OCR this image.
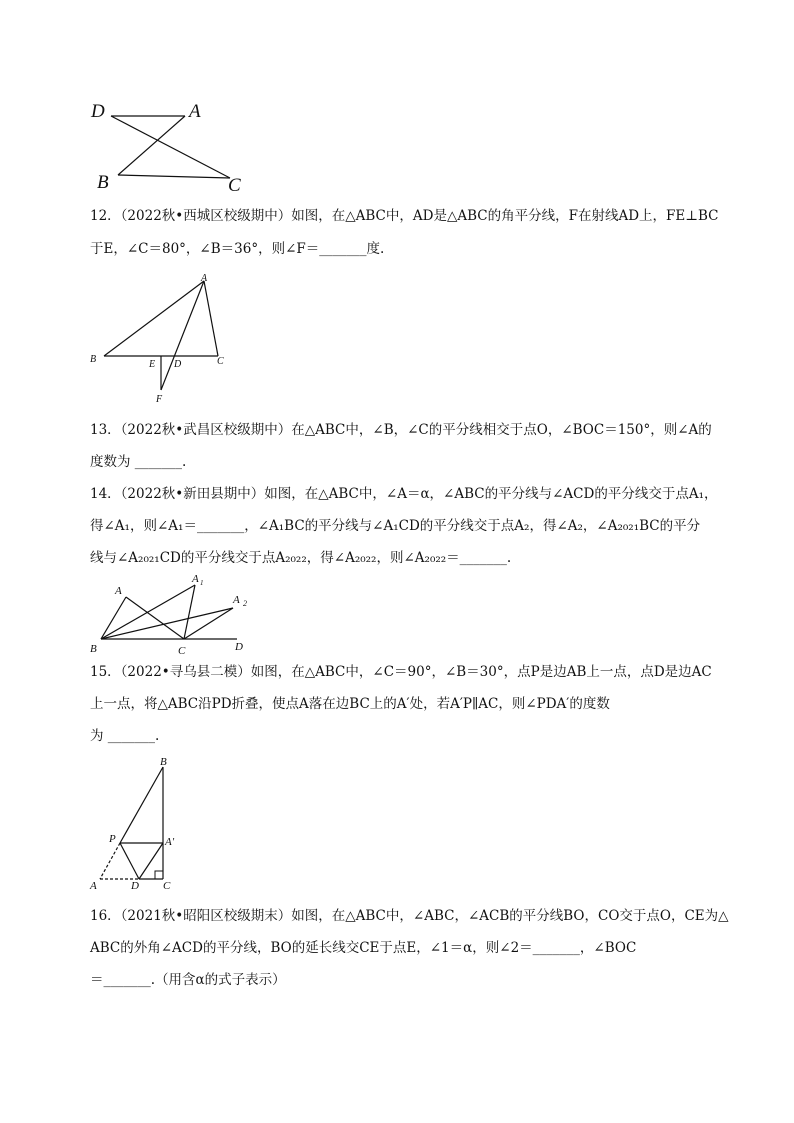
D	A
B	C
12．（2022秋•西城区校级期中）如图，在△ABC中，AD是△ABC的角平分线，F在射线AD上，FE⊥BC
于E，∠C＝80°，∠B＝36°，则∠F＝_______度.
A
B	C
E D
F
13．（2022秋•武昌区校级期中）在△ABC中，∠B，∠C的平分线相交于点O，∠BOC＝150°，则∠A的
度数为 _______.
14．（2022秋•新田县期中）如图，在△ABC中，∠A＝α，∠ABC的平分线与∠ACD的平分线交于点A₁，
得∠A₁，则∠A₁＝_______，∠A₁BC的平分线与∠A₁CD的平分线交于点A₂，得∠A₂，∠A₂₀₂₁BC的平分
线与∠A₂₀₂₁CD的平分线交于点A₂₀₂₂，得∠A₂₀₂₂，则∠A₂₀₂₂＝_______.
A
A 1
A 2
B	C	D
15．（2022•寻乌县二模）如图，在△ABC中，∠C＝90°，∠B＝30°，点P是边AB上一点，点D是边AC
上一点，将△ABC沿PD折叠，使点A落在边BC上的A′处，若A′P∥AC，则∠PDA′的度数
为 _______.
B
P	A′
A	D C
16．（2021秋•昭阳区校级期末）如图，在△ABC中，∠ABC，∠ACB的平分线BO，CO交于点O，CE为△
ABC的外角∠ACD的平分线，BO的延长线交CE于点E，∠1＝α，则∠2＝_______，∠BOC
＝_______.（用含α的式子表示）
